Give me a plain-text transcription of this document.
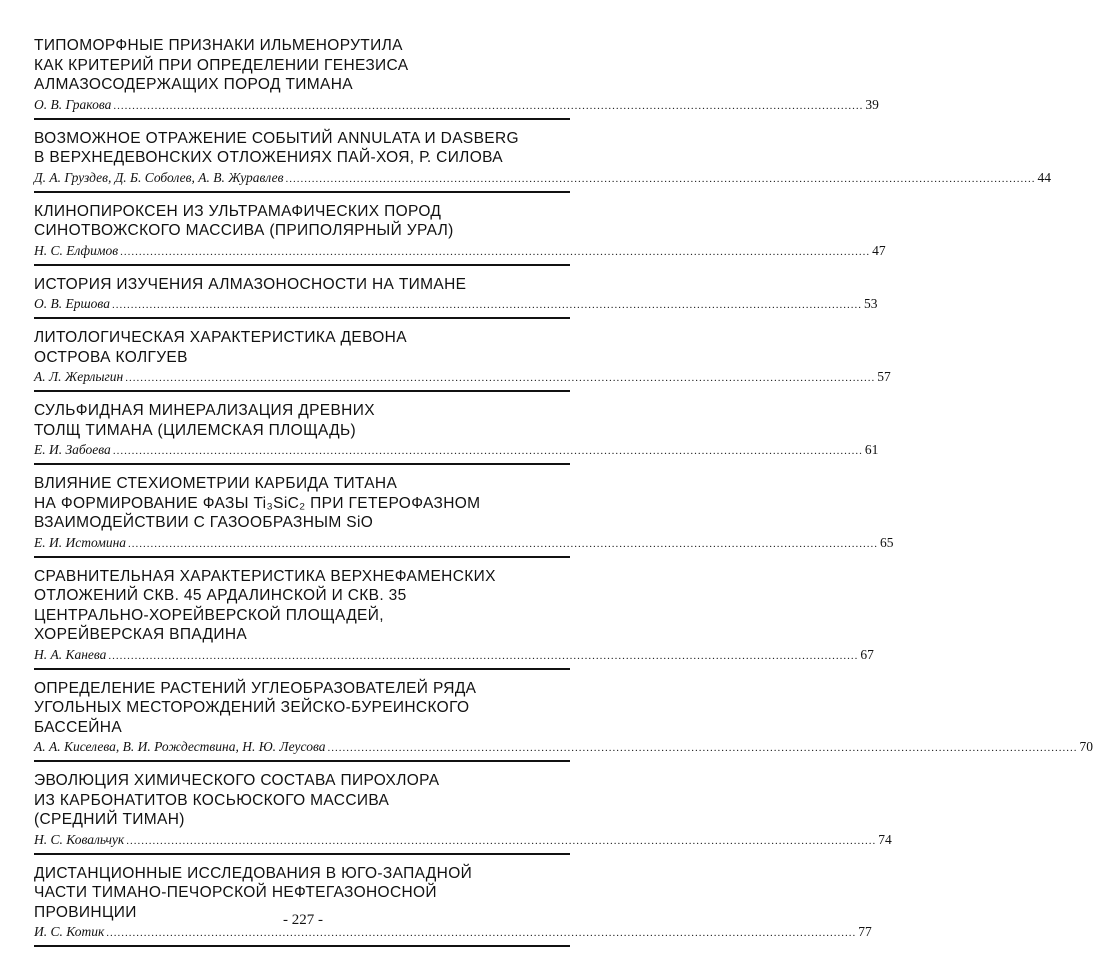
ТИПОМОРФНЫЕ ПРИЗНАКИ ИЛЬМЕНОРУТИЛА
КАК КРИТЕРИЙ ПРИ ОПРЕДЕЛЕНИИ ГЕНЕЗИСА
АЛМАЗОСОДЕРЖАЩИХ ПОРОД ТИМАНА
О. В. Гракова ........................................................................................................................................................................................................ 39
ВОЗМОЖНОЕ ОТРАЖЕНИЕ СОБЫТИЙ ANNULATA И DASBERG
В ВЕРХНЕДЕВОНСКИХ ОТЛОЖЕНИЯХ ПАЙ-ХОЯ, Р. СИЛОВА
Д. А. Груздев, Д. Б. Соболев, А. В. Журавлев ........................................................................................................................................................................................................ 44
КЛИНОПИРОКСЕН ИЗ УЛЬТРАМАФИЧЕСКИХ ПОРОД
СИНОТВОЖСКОГО МАССИВА (ПРИПОЛЯРНЫЙ УРАЛ)
Н. С. Елфимов ........................................................................................................................................................................................................ 47
ИСТОРИЯ ИЗУЧЕНИЯ АЛМАЗОНОСНОСТИ НА ТИМАНЕ
О. В. Ершова ........................................................................................................................................................................................................ 53
ЛИТОЛОГИЧЕСКАЯ ХАРАКТЕРИСТИКА ДЕВОНА
ОСТРОВА КОЛГУЕВ
А. Л. Жерлыгин ........................................................................................................................................................................................................ 57
СУЛЬФИДНАЯ МИНЕРАЛИЗАЦИЯ ДРЕВНИХ
ТОЛЩ ТИМАНА (ЦИЛЕМСКАЯ ПЛОЩАДЬ)
Е. И. Забоева ........................................................................................................................................................................................................ 61
ВЛИЯНИЕ СТЕХИОМЕТРИИ КАРБИДА ТИТАНА
НА ФОРМИРОВАНИЕ ФАЗЫ Ti₃SiC₂ ПРИ ГЕТЕРОФАЗНОМ
ВЗАИМОДЕЙСТВИИ С ГАЗООБРАЗНЫМ SiO
Е. И. Истомина ........................................................................................................................................................................................................ 65
СРАВНИТЕЛЬНАЯ ХАРАКТЕРИСТИКА ВЕРХНЕФАМЕНСКИХ
ОТЛОЖЕНИЙ СКВ. 45 АРДАЛИНСКОЙ И СКВ. 35
ЦЕНТРАЛЬНО-ХОРЕЙВЕРСКОЙ ПЛОЩАДЕЙ,
ХОРЕЙВЕРСКАЯ ВПАДИНА
Н. А. Канева ........................................................................................................................................................................................................ 67
ОПРЕДЕЛЕНИЕ РАСТЕНИЙ УГЛЕОБРАЗОВАТЕЛЕЙ РЯДА
УГОЛЬНЫХ МЕСТОРОЖДЕНИЙ ЗЕЙСКО-БУРЕИНСКОГО
БАССЕЙНА
А. А. Киселева, В. И. Рождествина, Н. Ю. Леусова ........................................................................................................................................................................................................ 70
ЭВОЛЮЦИЯ ХИМИЧЕСКОГО СОСТАВА ПИРОХЛОРА
ИЗ КАРБОНАТИТОВ КОСЬЮСКОГО МАССИВА
(СРЕДНИЙ ТИМАН)
Н. С. Ковальчук ........................................................................................................................................................................................................ 74
ДИСТАНЦИОННЫЕ ИССЛЕДОВАНИЯ В ЮГО-ЗАПАДНОЙ
ЧАСТИ ТИМАНО-ПЕЧОРСКОЙ НЕФТЕГАЗОНОСНОЙ
ПРОВИНЦИИ
И. С. Котик ........................................................................................................................................................................................................ 77
- 227 -
